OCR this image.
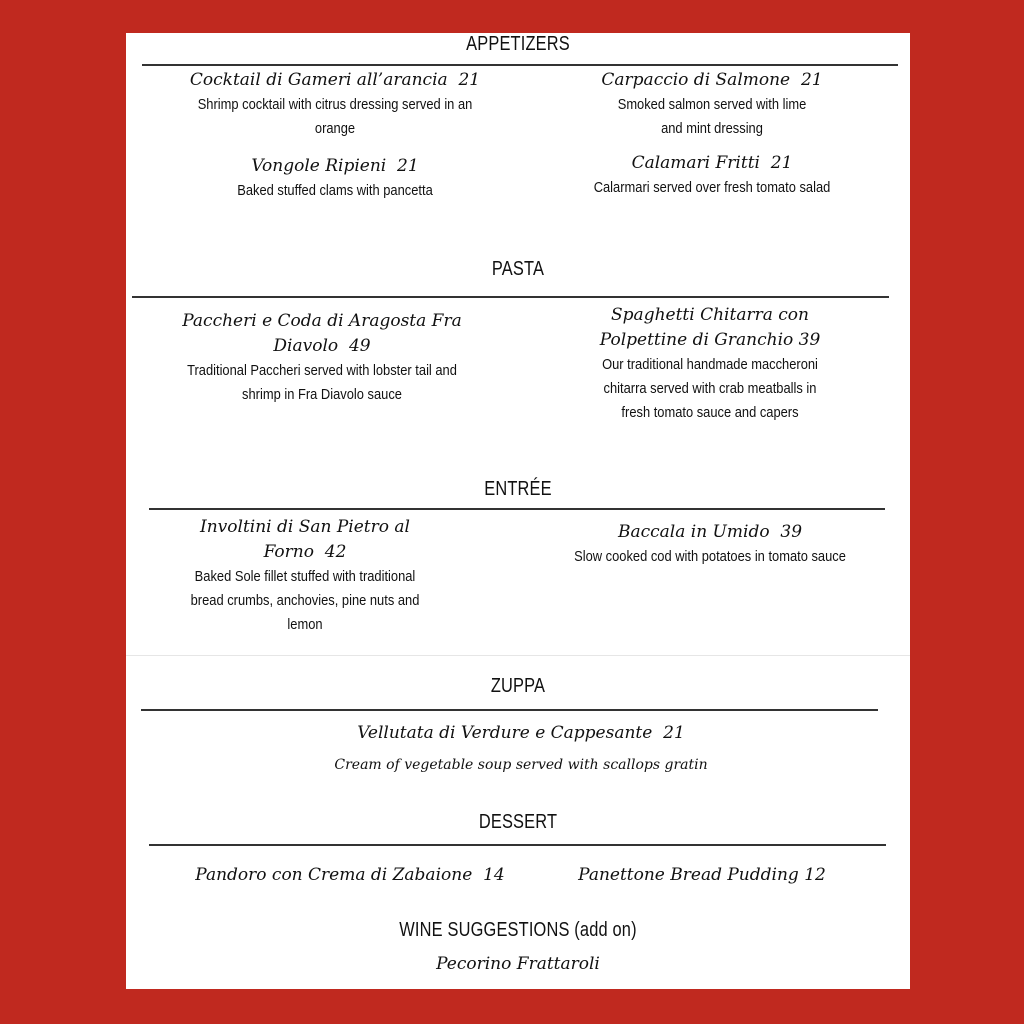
APPETIZERS
Cocktail di Gameri all’arancia 21
Shrimp cocktail with citrus dressing served in an orange
Carpaccio di Salmone 21
Smoked salmon served with lime and mint dressing
Vongole Ripieni 21
Baked stuffed clams with pancetta
Calamari Fritti 21
Calarmari served over fresh tomato salad
PASTA
Paccheri e Coda di Aragosta Fra Diavolo 49
Traditional Paccheri served with lobster tail and shrimp in Fra Diavolo sauce
Spaghetti Chitarra con Polpettine di Granchio 39
Our traditional handmade maccheroni chitarra served with crab meatballs in fresh tomato sauce and capers
ENTRÉE
Involtini di San Pietro al Forno 42
Baked Sole fillet stuffed with traditional bread crumbs, anchovies, pine nuts and lemon
Baccala in Umido 39
Slow cooked cod with potatoes in tomato sauce
ZUPPA
Vellutata di Verdure e Cappesante 21
Cream of vegetable soup served with scallops gratin
DESSERT
Pandoro con Crema di Zabaione 14	Panettone Bread Pudding 12
WINE SUGGESTIONS (add on)
Pecorino Frattaroli
